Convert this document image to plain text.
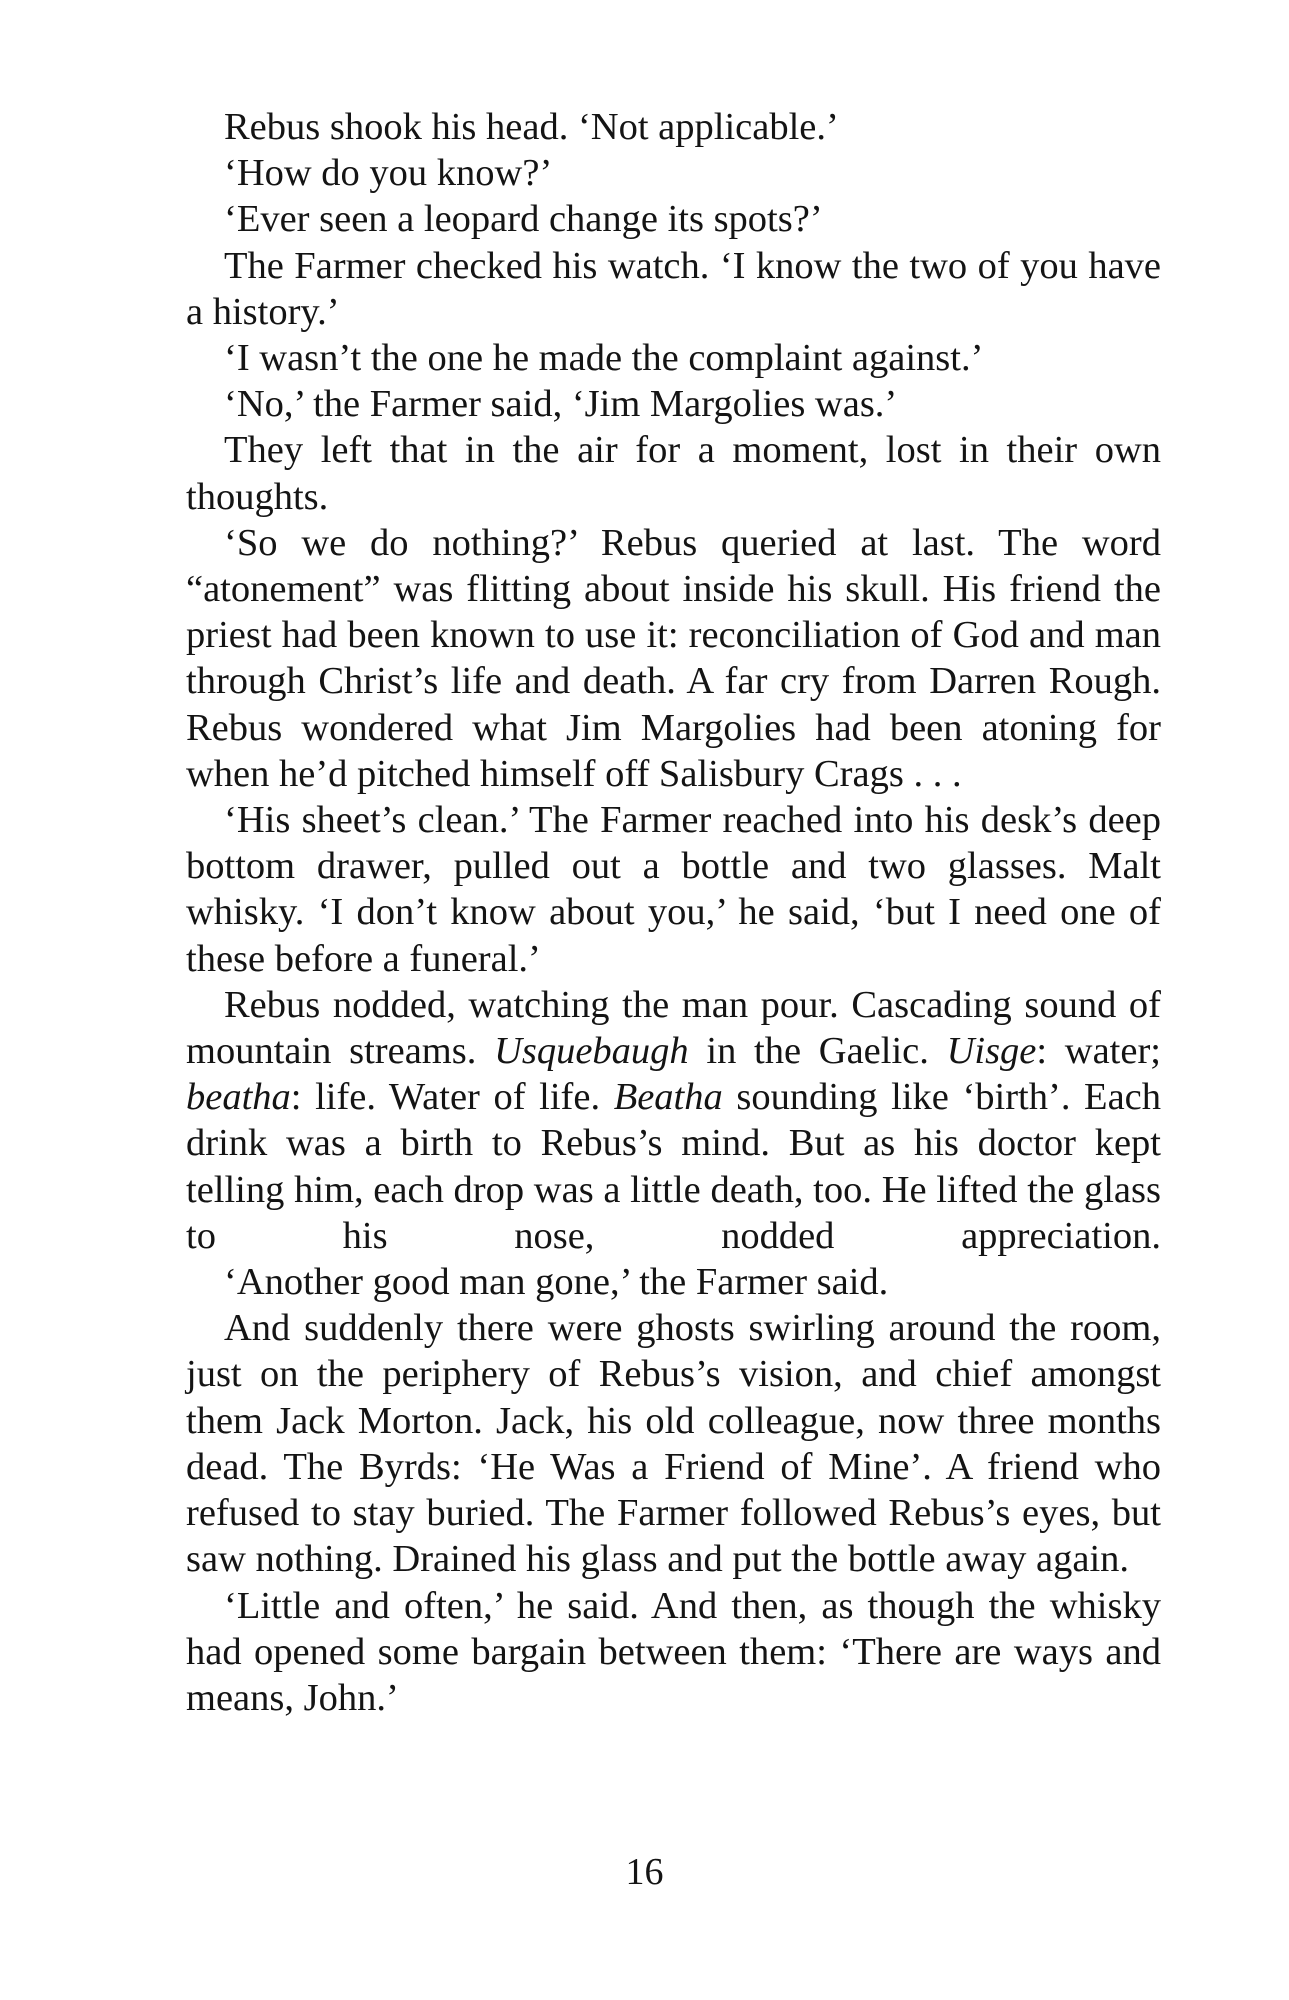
Rebus shook his head. ‘Not applicable.’

‘How do you know?’

‘Ever seen a leopard change its spots?’

The Farmer checked his watch. ‘I know the two of you have a history.’

‘I wasn’t the one he made the complaint against.’

‘No,’ the Farmer said, ‘Jim Margolies was.’

They left that in the air for a moment, lost in their own thoughts.

‘So we do nothing?’ Rebus queried at last. The word “atonement” was flitting about inside his skull. His friend the priest had been known to use it: reconciliation of God and man through Christ’s life and death. A far cry from Darren Rough. Rebus wondered what Jim Margolies had been atoning for when he’d pitched himself off Salisbury Crags . . .

‘His sheet’s clean.’ The Farmer reached into his desk’s deep bottom drawer, pulled out a bottle and two glasses. Malt whisky. ‘I don’t know about you,’ he said, ‘but I need one of these before a funeral.’

Rebus nodded, watching the man pour. Cascading sound of mountain streams. Usquebaugh in the Gaelic. Uisge: water; beatha: life. Water of life. Beatha sounding like ‘birth’. Each drink was a birth to Rebus’s mind. But as his doctor kept telling him, each drop was a little death, too. He lifted the glass to his nose, nodded appreciation.

‘Another good man gone,’ the Farmer said.

And suddenly there were ghosts swirling around the room, just on the periphery of Rebus’s vision, and chief amongst them Jack Morton. Jack, his old colleague, now three months dead. The Byrds: ‘He Was a Friend of Mine’. A friend who refused to stay buried. The Farmer followed Rebus’s eyes, but saw nothing. Drained his glass and put the bottle away again.

‘Little and often,’ he said. And then, as though the whisky had opened some bargain between them: ‘There are ways and means, John.’

16
